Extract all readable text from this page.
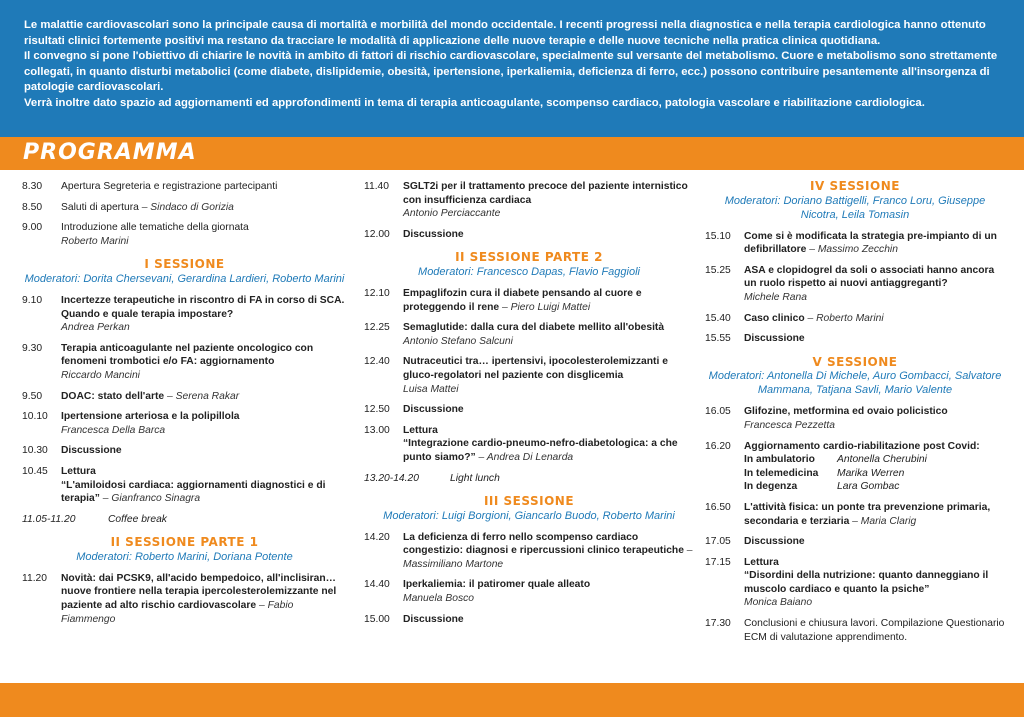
Le malattie cardiovascolari sono la principale causa di mortalità e morbilità del mondo occidentale. I recenti progressi nella diagnostica e nella terapia cardiologica hanno ottenuto risultati clinici fortemente positivi ma restano da tracciare le modalità di applicazione delle nuove terapie e delle nuove tecniche nella pratica clinica quotidiana.

Il convegno si pone l'obiettivo di chiarire le novità in ambito di fattori di rischio cardiovascolare, specialmente sul versante del metabolismo. Cuore e metabolismo sono strettamente collegati, in quanto disturbi metabolici (come diabete, dislipidemie, obesità, ipertensione, iperkaliemia, deficienza di ferro, ecc.) possono contribuire pesantemente all'insorgenza di patologie cardiovascolari.

Verrà inoltre dato spazio ad aggiornamenti ed approfondimenti in tema di terapia anticoagulante, scompenso cardiaco, patologia vascolare e riabilitazione cardiologica.

PROGRAMMA
8.30	Apertura Segreteria e registrazione partecipanti
8.50	Saluti di apertura – Sindaco di Gorizia
9.00	Introduzione alle tematiche della giornata
Roberto Marini
I SESSIONE
Moderatori: Dorita Chersevani, Gerardina Lardieri, Roberto Marini
9.10	Incertezze terapeutiche in riscontro di FA in corso di SCA. Quando e quale terapia impostare?
Andrea Perkan
9.30	Terapia anticoagulante nel paziente oncologico con fenomeni trombotici e/o FA: aggiornamento
Riccardo Mancini
9.50	DOAC: stato dell'arte – Serena Rakar
10.10	Ipertensione arteriosa e la polipillola
Francesca Della Barca
10.30	Discussione
10.45	Lettura
“L'amiloidosi cardiaca: aggiornamenti diagnostici e di terapia” – Gianfranco Sinagra
11.05-11.20	Coffee break
II SESSIONE PARTE 1
Moderatori: Roberto Marini, Doriana Potente
11.20	Novità: dai PCSK9, all'acido bempedoico, all'inclisiran… nuove frontiere nella terapia ipercolesterolemizzante nel paziente ad alto rischio cardiovascolare – Fabio Fiammengo
11.40	SGLT2i per il trattamento precoce del paziente internistico con insufficienza cardiaca
Antonio Perciaccante
12.00	Discussione
II SESSIONE PARTE 2
Moderatori: Francesco Dapas, Flavio Faggioli
12.10	Empaglifozin cura il diabete pensando al cuore e proteggendo il rene – Piero Luigi Mattei
12.25	Semaglutide: dalla cura del diabete mellito all'obesità
Antonio Stefano Salcuni
12.40	Nutraceutici tra… ipertensivi, ipocolesterolemizzanti e gluco-regolatori nel paziente con disglicemia
Luisa Mattei
12.50	Discussione
13.00	Lettura
“Integrazione cardio-pneumo-nefro-diabetologica: a che punto siamo?” – Andrea Di Lenarda
13.20-14.20	Light lunch
III SESSIONE
Moderatori: Luigi Borgioni, Giancarlo Buodo, Roberto Marini
14.20	La deficienza di ferro nello scompenso cardiaco congestizio: diagnosi e ripercussioni clinico terapeutiche – Massimiliano Martone
14.40	Iperkaliemia: il patiromer quale alleato
Manuela Bosco
15.00	Discussione
IV SESSIONE
Moderatori: Doriano Battigelli, Franco Loru, Giuseppe Nicotra, Leila Tomasin
15.10	Come si è modificata la strategia pre-impianto di un defibrillatore – Massimo Zecchin
15.25	ASA e clopidogrel da soli o associati hanno ancora un ruolo rispetto ai nuovi antiaggreganti?
Michele Rana
15.40	Caso clinico – Roberto Marini
15.55	Discussione
V SESSIONE
Moderatori: Antonella Di Michele, Auro Gombacci, Salvatore Mammana, Tatjana Savli, Mario Valente
16.05	Glifozine, metformina ed ovaio policistico
Francesca Pezzetta
16.20	Aggiornamento cardio-riabilitazione post Covid:
In ambulatorio	Antonella Cherubini
In telemedicina	Marika Werren
In degenza	Lara Gombac
16.50	L'attività fisica: un ponte tra prevenzione primaria, secondaria e terziaria – Maria Clarig
17.05	Discussione
17.15	Lettura
“Disordini della nutrizione: quanto danneggiano il muscolo cardiaco e quanto la psiche”
Monica Baiano
17.30	Conclusioni e chiusura lavori. Compilazione Questionario ECM di valutazione apprendimento.
